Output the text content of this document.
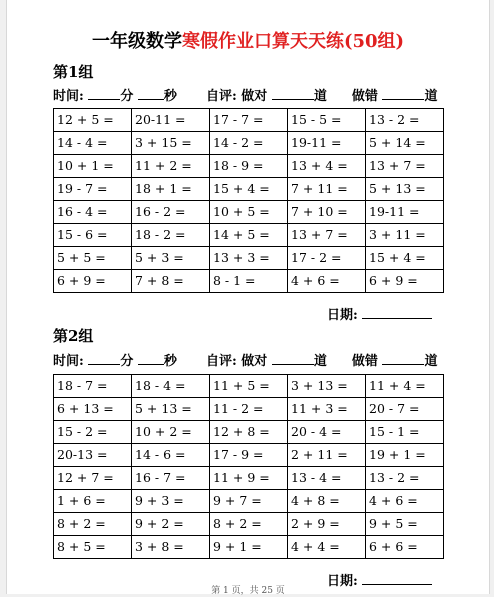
一年级数学寒假作业口算天天练(50组)
第1组
时间:	分 秒 自评: 做对	道 做错	道
12 + 5 =	20-11 =	17 - 7 =	15 - 5 =	13 - 2 =
14 - 4 =	3 + 15 =	14 - 2 =	19-11 =	5 + 14 =
10 + 1 =	11 + 2 =	18 - 9 =	13 + 4 =	13 + 7 =
19 - 7 =	18 + 1 =	15 + 4 =	7 + 11 =	5 + 13 =
16 - 4 =	16 - 2 =	10 + 5 =	7 + 10 =	19-11 =
15 - 6 =	18 - 2 =	14 + 5 =	13 + 7 =	3 + 11 =
5 + 5 =	5 + 3 =	13 + 3 =	17 - 2 =	15 + 4 =
6 + 9 =	7 + 8 =	8 - 1 =	4 + 6 =	6 + 9 =
日期:
第2组
时间:	分 秒 自评: 做对	道 做错	道
18 - 7 =	18 - 4 =	11 + 5 =	3 + 13 =	11 + 4 =
6 + 13 =	5 + 13 =	11 - 2 =	11 + 3 =	20 - 7 =
15 - 2 =	10 + 2 =	12 + 8 =	20 - 4 =	15 - 1 =
20-13 =	14 - 6 =	17 - 9 =	2 + 11 =	19 + 1 =
12 + 7 =	16 - 7 =	11 + 9 =	13 - 4 =	13 - 2 =
1 + 6 =	9 + 3 =	9 + 7 =	4 + 8 =	4 + 6 =
8 + 2 =	9 + 2 =	8 + 2 =	2 + 9 =	9 + 5 =
8 + 5 =	3 + 8 =	9 + 1 =	4 + 4 =	6 + 6 =
日期:
第 1 页，共 25 页
